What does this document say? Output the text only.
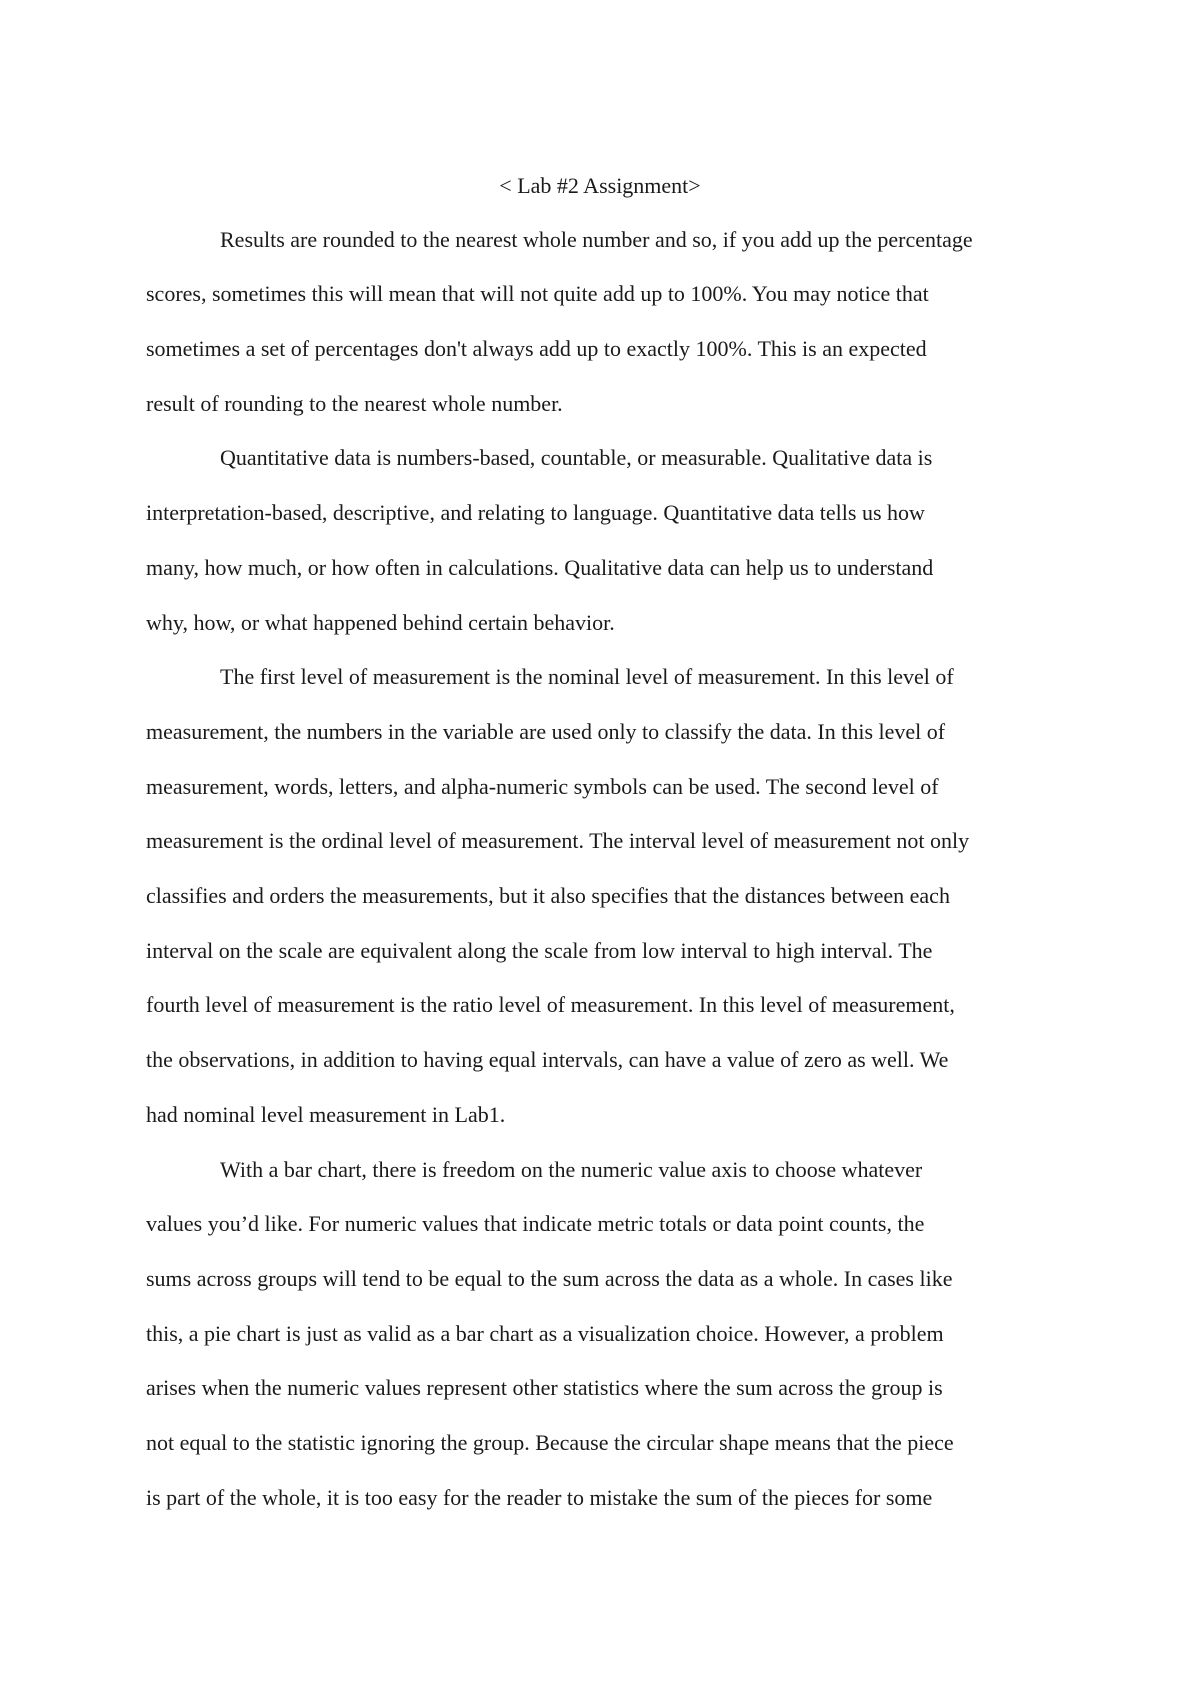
< Lab #2 Assignment>
Results are rounded to the nearest whole number and so, if you add up the percentage
scores, sometimes this will mean that will not quite add up to 100%. You may notice that
sometimes a set of percentages don't always add up to exactly 100%. This is an expected
result of rounding to the nearest whole number.
Quantitative data is numbers-based, countable, or measurable. Qualitative data is
interpretation-based, descriptive, and relating to language. Quantitative data tells us how
many, how much, or how often in calculations. Qualitative data can help us to understand
why, how, or what happened behind certain behavior.
The first level of measurement is the nominal level of measurement. In this level of
measurement, the numbers in the variable are used only to classify the data. In this level of
measurement, words, letters, and alpha-numeric symbols can be used. The second level of
measurement is the ordinal level of measurement. The interval level of measurement not only
classifies and orders the measurements, but it also specifies that the distances between each
interval on the scale are equivalent along the scale from low interval to high interval. The
fourth level of measurement is the ratio level of measurement. In this level of measurement,
the observations, in addition to having equal intervals, can have a value of zero as well. We
had nominal level measurement in Lab1.
With a bar chart, there is freedom on the numeric value axis to choose whatever
values you’d like. For numeric values that indicate metric totals or data point counts, the
sums across groups will tend to be equal to the sum across the data as a whole. In cases like
this, a pie chart is just as valid as a bar chart as a visualization choice. However, a problem
arises when the numeric values represent other statistics where the sum across the group is
not equal to the statistic ignoring the group. Because the circular shape means that the piece
is part of the whole, it is too easy for the reader to mistake the sum of the pieces for some
